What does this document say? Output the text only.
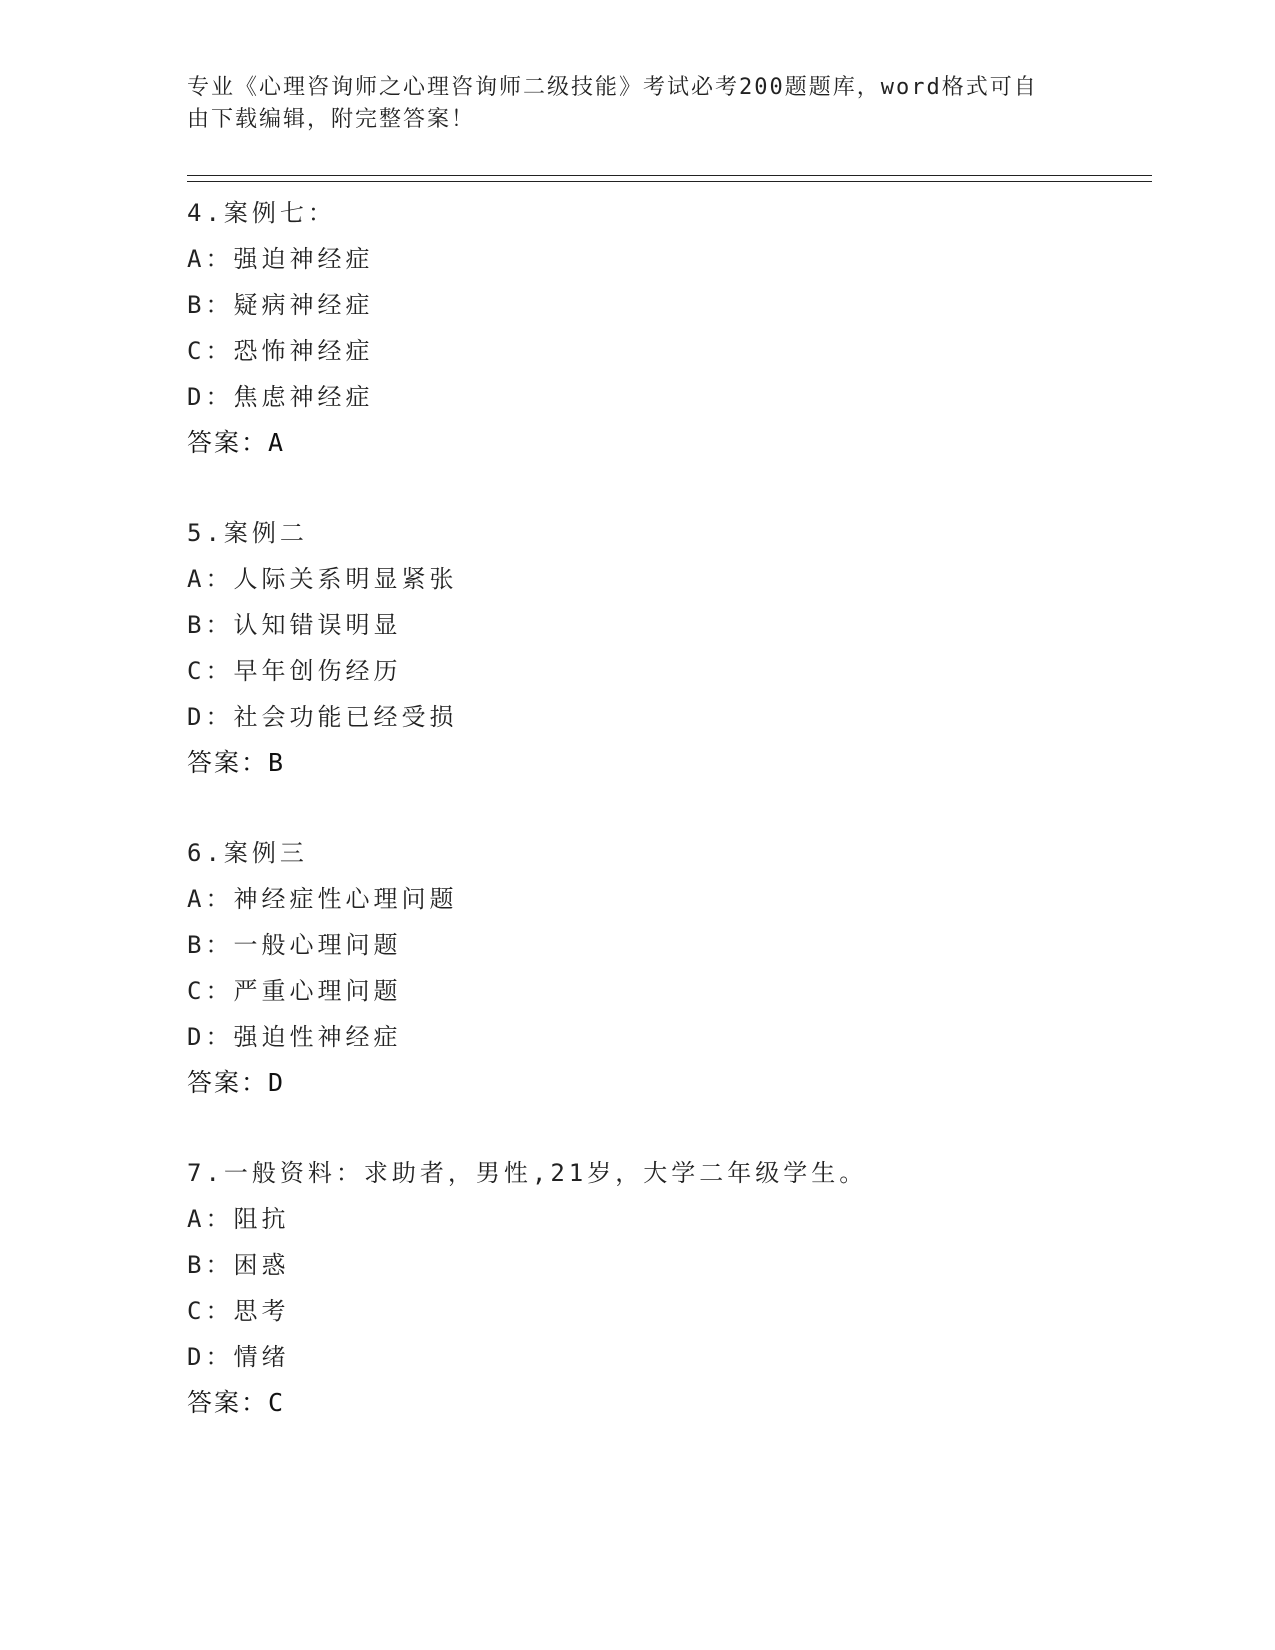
专业《心理咨询师之心理咨询师二级技能》考试必考200题题库，word格式可自
由下载编辑，附完整答案！
4.案例七：
A：强迫神经症
B：疑病神经症
C：恐怖神经症
D：焦虑神经症
答案：A
5.案例二
A：人际关系明显紧张
B：认知错误明显
C：早年创伤经历
D：社会功能已经受损
答案：B
6.案例三
A：神经症性心理问题
B：一般心理问题
C：严重心理问题
D：强迫性神经症
答案：D
7.一般资料：求助者，男性,21岁，大学二年级学生。
A：阻抗
B：困惑
C：思考
D：情绪
答案：C
